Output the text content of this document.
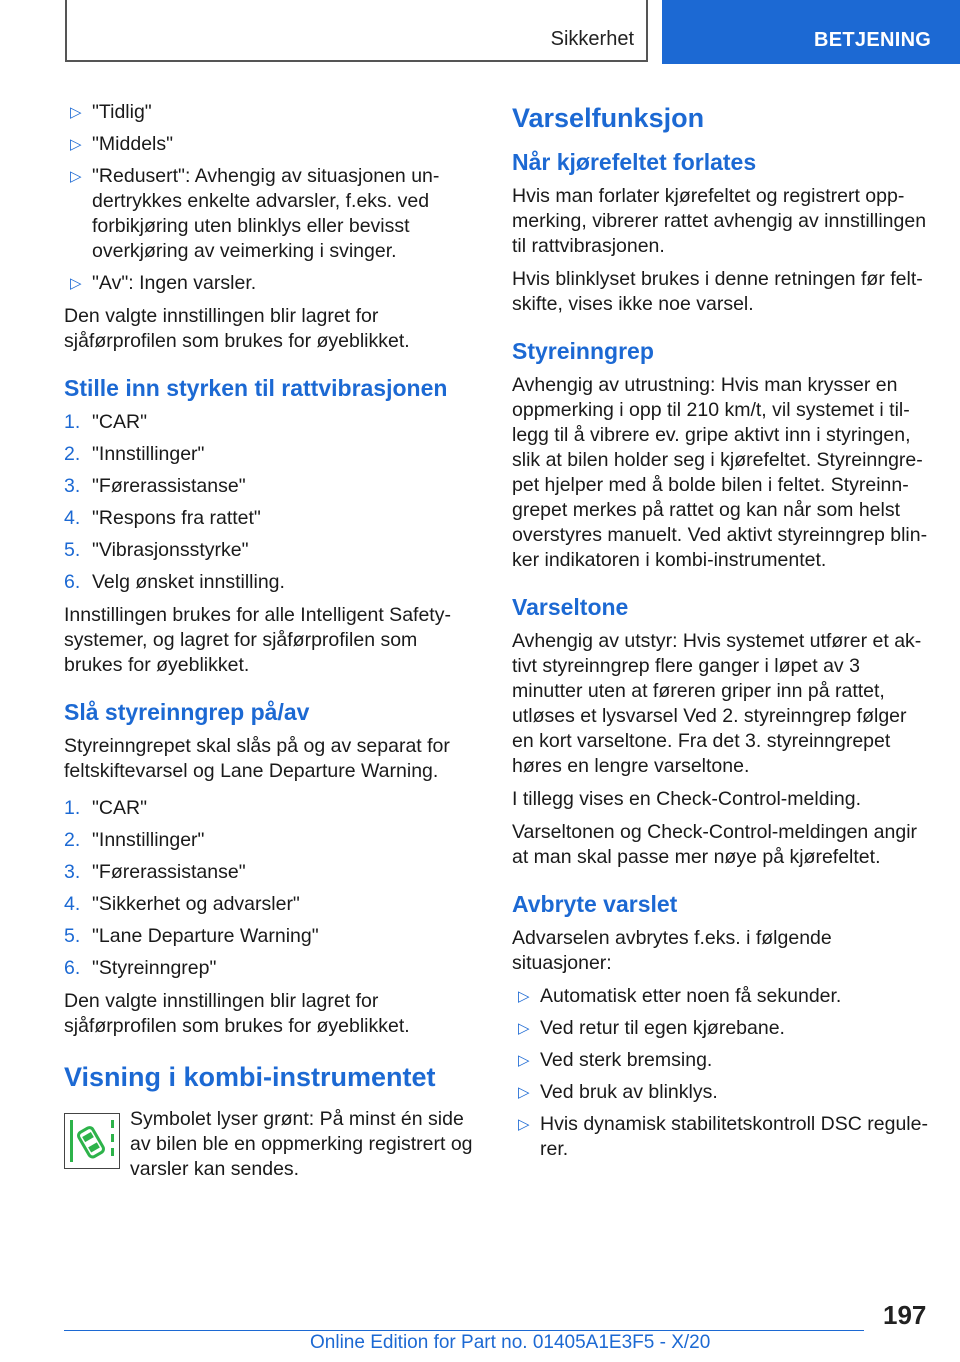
Sikkerhet	BETJENING
▷ "Tidlig"
▷ "Middels"
▷ "Redusert": Avhengig av situasjonen undertrykkes enkelte advarsler, f.eks. ved forbikjøring uten blinklys eller bevisst overkjøring av veimerking i svinger.
▷ "Av": Ingen varsler.

Den valgte innstillingen blir lagret for sjåførprofilen som brukes for øyeblikket.

Stille inn styrken til rattvibrasjonen
1. "CAR"
2. "Innstillinger"
3. "Førerassistanse"
4. "Respons fra rattet"
5. "Vibrasjonsstyrke"
6. Velg ønsket innstilling.

Innstillingen brukes for alle Intelligent Safety-systemer, og lagret for sjåførprofilen som brukes for øyeblikket.

Slå styreinngrep på/av

Styreinngrepet skal slås på og av separat for feltskiftevarsel og Lane Departure Warning.

1. "CAR"
2. "Innstillinger"
3. "Førerassistanse"
4. "Sikkerhet og advarsler"
5. "Lane Departure Warning"
6. "Styreinngrep"

Den valgte innstillingen blir lagret for sjåførprofilen som brukes for øyeblikket.

Visning i kombi-instrumentet

Symbolet lyser grønt: På minst én side av bilen ble en oppmerking registrert og varsler kan sendes.

Varselfunksjon
Når kjørefeltet forlates

Hvis man forlater kjørefeltet og registrert oppmerking, vibrerer rattet avhengig av innstillingen til rattvibrasjonen.

Hvis blinklyset brukes i denne retningen før feltskifte, vises ikke noe varsel.

Styreinngrep

Avhengig av utrustning: Hvis man krysser en oppmerking i opp til 210 km/t, vil systemet i tillegg til å vibrere ev. gripe aktivt inn i styringen, slik at bilen holder seg i kjørefeltet. Styreinngrepet hjelper med å bolde bilen i feltet. Styreinngrepet merkes på rattet og kan når som helst overstyres manuelt. Ved aktivt styreinngrep blinker indikatoren i kombi-instrumentet.

Varseltone

Avhengig av utstyr: Hvis systemet utfører et aktivt styreinngrep flere ganger i løpet av 3 minutter uten at føreren griper inn på rattet, utløses et lysvarsel Ved 2. styreinngrep følger en kort varseltone. Fra det 3. styreinngrepet høres en lengre varseltone.

I tillegg vises en Check-Control-melding.

Varseltonen og Check-Control-meldingen angir at man skal passe mer nøye på kjørefeltet.

Avbryte varslet

Advarselen avbrytes f.eks. i følgende situasjoner:

▷ Automatisk etter noen få sekunder.
▷ Ved retur til egen kjørebane.
▷ Ved sterk bremsing.
▷ Ved bruk av blinklys.
▷ Hvis dynamisk stabilitetskontroll DSC regulerer.
197
Online Edition for Part no. 01405A1E3F5 - X/20
